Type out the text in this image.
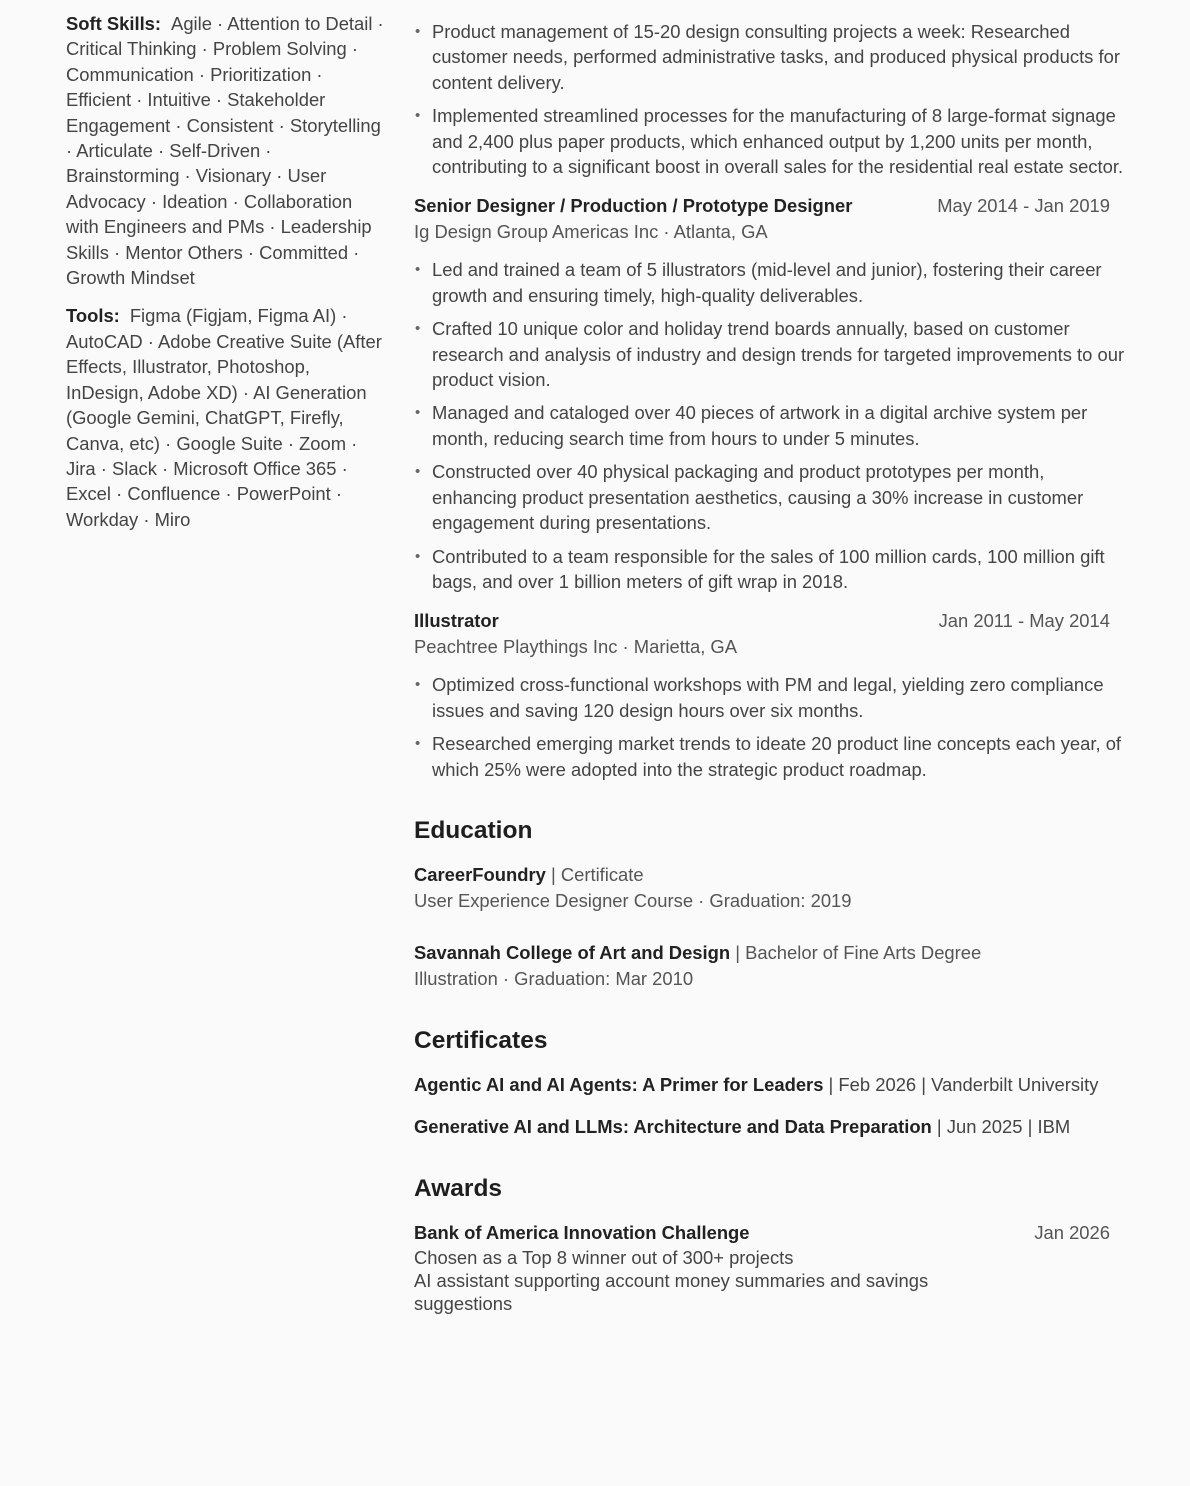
Soft Skills: Agile · Attention to Detail · Critical Thinking · Problem Solving · Communication · Prioritization · Efficient · Intuitive · Stakeholder Engagement · Consistent · Storytelling · Articulate · Self-Driven · Brainstorming · Visionary · User Advocacy · Ideation · Collaboration with Engineers and PMs · Leadership Skills · Mentor Others · Committed · Growth Mindset
Tools: Figma (Figjam, Figma AI) · AutoCAD · Adobe Creative Suite (After Effects, Illustrator, Photoshop, InDesign, Adobe XD) · AI Generation (Google Gemini, ChatGPT, Firefly, Canva, etc) · Google Suite · Zoom · Jira · Slack · Microsoft Office 365 · Excel · Confluence · PowerPoint · Workday · Miro
• Product management of 15-20 design consulting projects a week: Researched customer needs, performed administrative tasks, and produced physical products for content delivery.
• Implemented streamlined processes for the manufacturing of 8 large-format signage and 2,400 plus paper products, which enhanced output by 1,200 units per month, contributing to a significant boost in overall sales for the residential real estate sector.
Senior Designer / Production / Prototype Designer	May 2014 - Jan 2019
Ig Design Group Americas Inc · Atlanta, GA
• Led and trained a team of 5 illustrators (mid-level and junior), fostering their career growth and ensuring timely, high-quality deliverables.
• Crafted 10 unique color and holiday trend boards annually, based on customer research and analysis of industry and design trends for targeted improvements to our product vision.
• Managed and cataloged over 40 pieces of artwork in a digital archive system per month, reducing search time from hours to under 5 minutes.
• Constructed over 40 physical packaging and product prototypes per month, enhancing product presentation aesthetics, causing a 30% increase in customer engagement during presentations.
• Contributed to a team responsible for the sales of 100 million cards, 100 million gift bags, and over 1 billion meters of gift wrap in 2018.
Illustrator	Jan 2011 - May 2014
Peachtree Playthings Inc · Marietta, GA
• Optimized cross-functional workshops with PM and legal, yielding zero compliance issues and saving 120 design hours over six months.
• Researched emerging market trends to ideate 20 product line concepts each year, of which 25% were adopted into the strategic product roadmap.
Education
CareerFoundry | Certificate
User Experience Designer Course · Graduation: 2019
Savannah College of Art and Design | Bachelor of Fine Arts Degree
Illustration · Graduation: Mar 2010
Certificates
Agentic AI and AI Agents: A Primer for Leaders | Feb 2026 | Vanderbilt University
Generative AI and LLMs: Architecture and Data Preparation | Jun 2025 | IBM
Awards
Bank of America Innovation Challenge	Jan 2026
Chosen as a Top 8 winner out of 300+ projects
AI assistant supporting account money summaries and savings suggestions
